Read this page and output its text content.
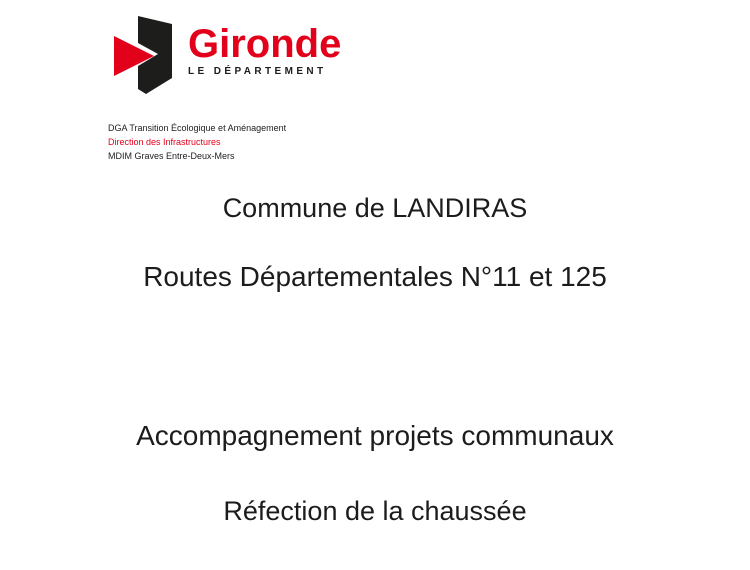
Gironde
LE DÉPARTEMENT
DGA Transition Écologique et Aménagement
Direction des Infrastructures
MDIM Graves Entre-Deux-Mers
Commune de LANDIRAS
Routes Départementales N°11 et 125
Accompagnement projets communaux
Réfection de la chaussée
